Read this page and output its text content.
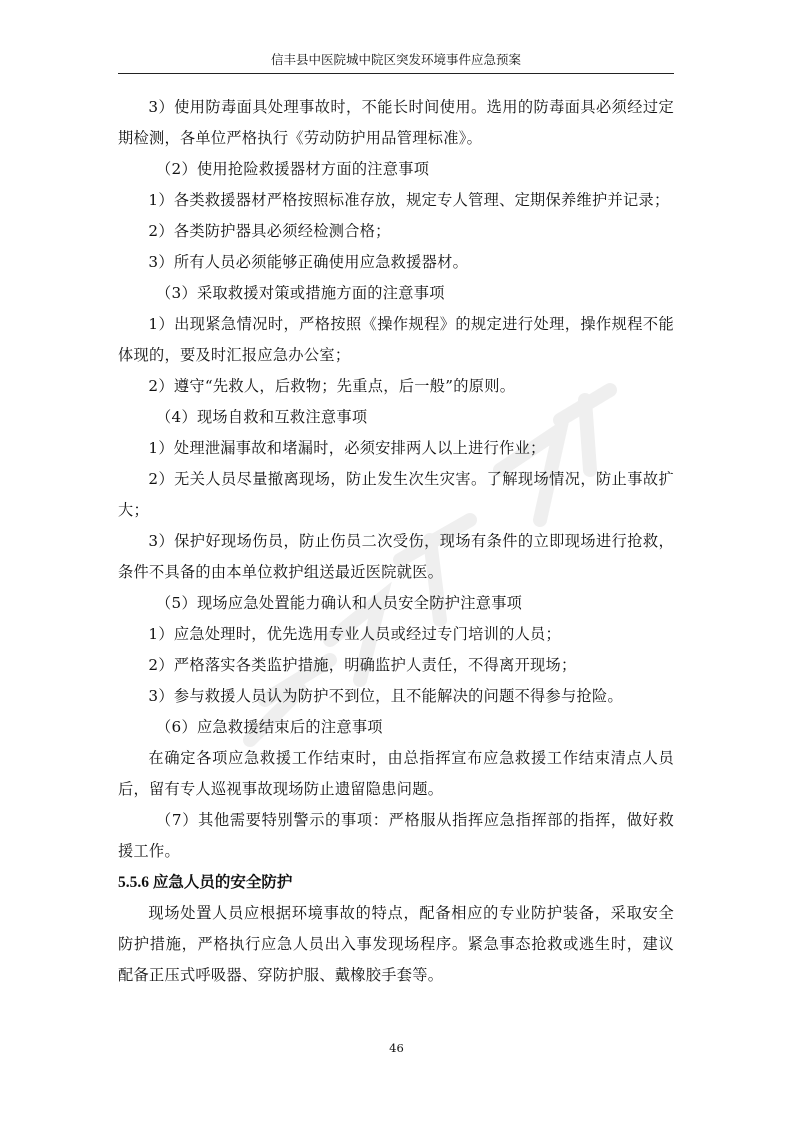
信丰县中医院城中院区突发环境事件应急预案

3）使用防毒面具处理事故时，不能长时间使用。选用的防毒面具必须经过定期检测，各单位严格执行《劳动防护用品管理标准》。

（2）使用抢险救援器材方面的注意事项

1）各类救援器材严格按照标准存放，规定专人管理、定期保养维护并记录；

2）各类防护器具必须经检测合格；

3）所有人员必须能够正确使用应急救援器材。

（3）采取救援对策或措施方面的注意事项

1）出现紧急情况时，严格按照《操作规程》的规定进行处理，操作规程不能体现的，要及时汇报应急办公室；

2）遵守“先救人，后救物；先重点，后一般”的原则。

（4）现场自救和互救注意事项

1）处理泄漏事故和堵漏时，必须安排两人以上进行作业；

2）无关人员尽量撤离现场，防止发生次生灾害。了解现场情况，防止事故扩大；

3）保护好现场伤员，防止伤员二次受伤，现场有条件的立即现场进行抢救，条件不具备的由本单位救护组送最近医院就医。

（5）现场应急处置能力确认和人员安全防护注意事项

1）应急处理时，优先选用专业人员或经过专门培训的人员；

2）严格落实各类监护措施，明确监护人责任，不得离开现场；

3）参与救援人员认为防护不到位，且不能解决的问题不得参与抢险。

（6）应急救援结束后的注意事项

在确定各项应急救援工作结束时，由总指挥宣布应急救援工作结束清点人员后，留有专人巡视事故现场防止遗留隐患问题。

（7）其他需要特别警示的事项：严格服从指挥应急指挥部的指挥，做好救援工作。

5.5.6 应急人员的安全防护

现场处置人员应根据环境事故的特点，配备相应的专业防护装备，采取安全防护措施，严格执行应急人员出入事发现场程序。紧急事态抢救或逃生时，建议配备正压式呼吸器、穿防护服、戴橡胶手套等。

46
